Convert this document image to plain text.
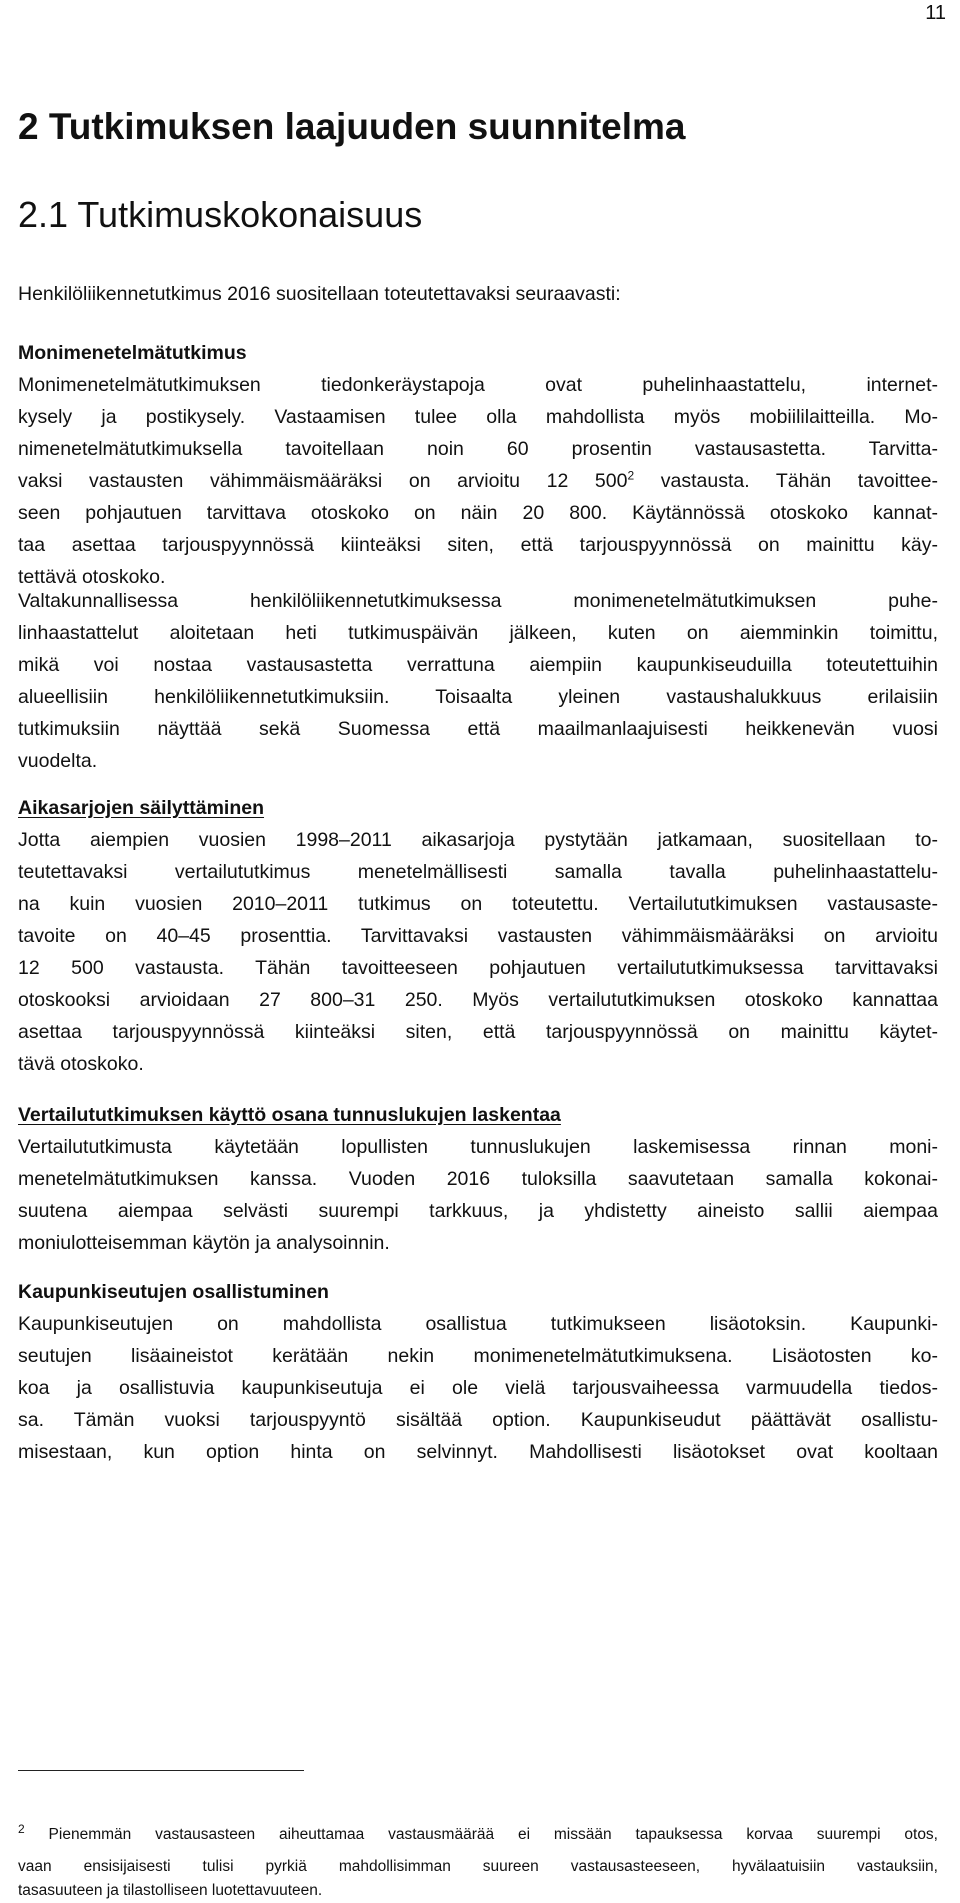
11
2 Tutkimuksen laajuuden suunnitelma
2.1 Tutkimuskokonaisuus
Henkilöliikennetutkimus 2016 suositellaan toteutettavaksi seuraavasti:
Monimenetelmätutkimus
Monimenetelmätutkimuksen tiedonkeräystapoja ovat puhelinhaastattelu, internet-
kysely ja postikysely. Vastaamisen tulee olla mahdollista myös mobiililaitteilla. Mo-
nimenetelmätutkimuksella tavoitellaan noin 60 prosentin vastausastetta. Tarvitta-
vaksi vastausten vähimmäismääräksi on arvioitu 12 $500^2$ vastausta. Tähän tavoittee-
seen pohjautuen tarvittava otoskoko on näin 20 800. Käytännössä otoskoko kannat-
taa asettaa tarjouspyynnössä kiinteäksi siten, että tarjouspyynnössä on mainittu käy-
tettävä otoskoko.
Valtakunnallisessa henkilöliikennetutkimuksessa monimenetelmätutkimuksen puhe-
linhaastattelut aloitetaan heti tutkimuspäivän jälkeen, kuten on aiemminkin toimittu,
mikä voi nostaa vastausastetta verrattuna aiempiin kaupunkiseuduilla toteutettuihin
alueellisiin henkilöliikennetutkimuksiin. Toisaalta yleinen vastaushalukkuus erilaisiin
tutkimuksiin näyttää sekä Suomessa että maailmanlaajuisesti heikkenevän vuosi
vuodelta.
Aikasarjojen säilyttäminen
Jotta aiempien vuosien 1998–2011 aikasarjoja pystytään jatkamaan, suositellaan to-
teutettavaksi vertailututkimus menetelmällisesti samalla tavalla puhelinhaastattelu-
na kuin vuosien 2010–2011 tutkimus on toteutettu. Vertailututkimuksen vastausaste-
tavoite on 40–45 prosenttia. Tarvittavaksi vastausten vähimmäismääräksi on arvioitu
12 500 vastausta. Tähän tavoitteeseen pohjautuen vertailututkimuksessa tarvittavaksi
otoskooksi arvioidaan 27 800–31 250. Myös vertailututkimuksen otoskoko kannattaa
asettaa tarjouspyynnössä kiinteäksi siten, että tarjouspyynnössä on mainittu käytet-
tävä otoskoko.
Vertailututkimuksen käyttö osana tunnuslukujen laskentaa
Vertailututkimusta käytetään lopullisten tunnuslukujen laskemisessa rinnan moni-
menetelmätutkimuksen kanssa. Vuoden 2016 tuloksilla saavutetaan samalla kokonai-
suutena aiempaa selvästi suurempi tarkkuus, ja yhdistetty aineisto sallii aiempaa
moniulotteisemman käytön ja analysoinnin.
Kaupunkiseutujen osallistuminen
Kaupunkiseutujen on mahdollista osallistua tutkimukseen lisäotoksin. Kaupunki-
seutujen lisäaineistot kerätään nekin monimenetelmätutkimuksena. Lisäotosten ko-
koa ja osallistuvia kaupunkiseutuja ei ole vielä tarjousvaiheessa varmuudella tiedos-
sa. Tämän vuoksi tarjouspyyntö sisältää option. Kaupunkiseudut päättävät osallistu-
misestaan, kun option hinta on selvinnyt. Mahdollisesti lisäotokset ovat kooltaan
$^2$ Pienemmän vastausasteen aiheuttamaa vastausmäärää ei missään tapauksessa korvaa suurempi otos,
vaan ensisijaisesti tulisi pyrkiä mahdollisimman suureen vastausasteeseen, hyvälaatuisiin vastauksiin,
tasasuuteen ja tilastolliseen luotettavuuteen.
